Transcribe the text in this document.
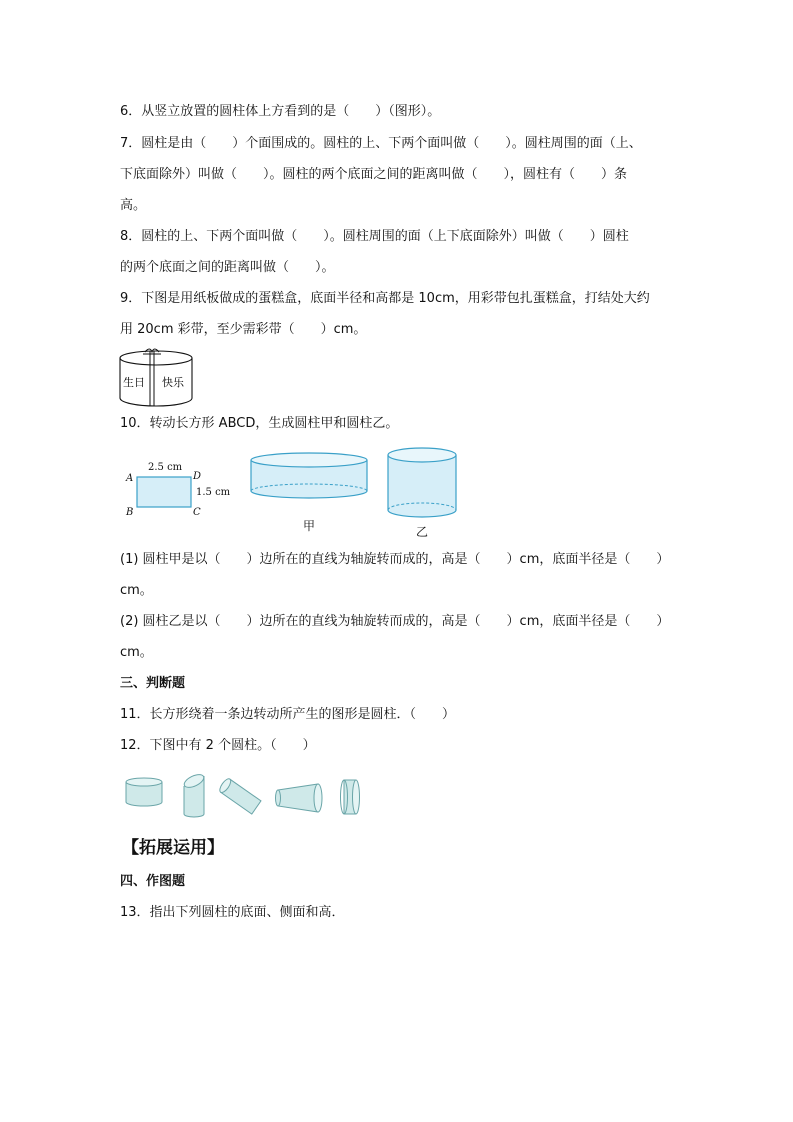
6．从竖立放置的圆柱体上方看到的是（　　）（图形）。
7．圆柱是由（　　）个面围成的。圆柱的上、下两个面叫做（　　）。圆柱周围的面（上、
下底面除外）叫做（　　）。圆柱的两个底面之间的距离叫做（　　），圆柱有（　　）条
高。
8．圆柱的上、下两个面叫做（　　）。圆柱周围的面（上下底面除外）叫做（　　）圆柱
的两个底面之间的距离叫做（　　）。
9．下图是用纸板做成的蛋糕盒，底面半径和高都是 10cm，用彩带包扎蛋糕盒，打结处大约
用 20cm 彩带，至少需彩带（　　）cm。
生日 快乐
10．转动长方形 ABCD，生成圆柱甲和圆柱乙。
2.5 cm
1.5 cm
A	D
B	C
甲	乙
(1) 圆柱甲是以（　　）边所在的直线为轴旋转而成的，高是（　　）cm，底面半径是（　　）
cm。
(2) 圆柱乙是以（　　）边所在的直线为轴旋转而成的，高是（　　）cm，底面半径是（　　）
cm。
三、判断题
11．长方形绕着一条边转动所产生的图形是圆柱．（　　）
12．下图中有 2 个圆柱。（　　）
【拓展运用】
四、作图题
13．指出下列圆柱的底面、侧面和高．
